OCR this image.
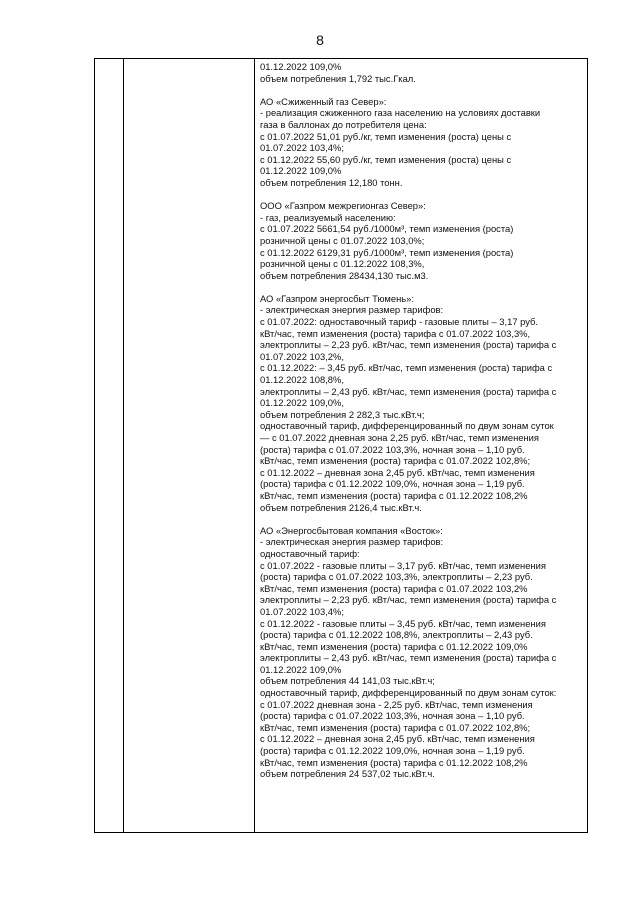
8

01.12.2022 109,0%

объем потребления 1,792 тыс.Гкал.

АО «Сжиженный газ Север»:

- реализация сжиженного газа населению на условиях доставки

газа в баллонах до потребителя цена:

с 01.07.2022 51,01 руб./кг, темп изменения (роста) цены с

01.07.2022 103,4%;

с 01.12.2022 55,60 руб./кг, темп изменения (роста) цены с

01.12.2022 109,0%

объем потребления 12,180 тонн.

ООО «Газпром межрегионгаз Север»:

- газ, реализуемый населению:

с 01.07.2022 5661,54 руб./1000м³, темп изменения (роста)

розничной цены с 01.07.2022 103,0%;

с 01.12.2022 6129,31 руб./1000м³, темп изменения (роста)

розничной цены с 01.12.2022 108,3%,

объем потребления 28434,130 тыс.м3.

АО «Газпром энергосбыт Тюмень»:

- электрическая энергия размер тарифов:

с 01.07.2022: одноставочный тариф - газовые плиты – 3,17 руб.

кВт/час, темп изменения (роста) тарифа с 01.07.2022 103,3%,

электроплиты – 2,23 руб. кВт/час, темп изменения (роста) тарифа с

01.07.2022 103,2%,

с 01.12.2022: – 3,45 руб. кВт/час, темп изменения (роста) тарифа с

01.12.2022 108,8%,

электроплиты – 2,43 руб. кВт/час, темп изменения (роста) тарифа с

01.12.2022 109,0%,

объем потребления 2 282,3 тыс.кВт.ч;

одноставочный тариф, дифференцированный по двум зонам суток

— с 01.07.2022 дневная зона 2,25 руб. кВт/час, темп изменения

(роста) тарифа с 01.07.2022 103,3%, ночная зона – 1,10 руб.

кВт/час, темп изменения (роста) тарифа с 01.07.2022 102,8%;

с 01.12.2022 – дневная зона 2,45 руб. кВт/час, темп изменения

(роста) тарифа с 01.12.2022 109,0%, ночная зона – 1,19 руб.

кВт/час, темп изменения (роста) тарифа с 01.12.2022 108,2%

объем потребления 2126,4 тыс.кВт.ч.

АО «Энергосбытовая компания «Восток»:

- электрическая энергия размер тарифов:

одноставочный тариф:

с 01.07.2022 - газовые плиты – 3,17 руб. кВт/час, темп изменения

(роста) тарифа с 01.07.2022 103,3%, электроплиты – 2,23 руб.

кВт/час, темп изменения (роста) тарифа с 01.07.2022 103,2%

электроплиты – 2,23 руб. кВт/час, темп изменения (роста) тарифа с

01.07.2022 103,4%;

с 01.12.2022 - газовые плиты – 3,45 руб. кВт/час, темп изменения

(роста) тарифа с 01.12.2022 108,8%, электроплиты – 2,43 руб.

кВт/час, темп изменения (роста) тарифа с 01.12.2022 109,0%

электроплиты – 2,43 руб. кВт/час, темп изменения (роста) тарифа с

01.12.2022 109,0%

объем потребления 44 141,03 тыс.кВт.ч;

одноставочный тариф, дифференцированный по двум зонам суток:

с 01.07.2022 дневная зона - 2,25 руб. кВт/час, темп изменения

(роста) тарифа с 01.07.2022 103,3%, ночная зона – 1,10 руб.

кВт/час, темп изменения (роста) тарифа с 01.07.2022 102,8%;

с 01.12.2022 – дневная зона 2,45 руб. кВт/час, темп изменения

(роста) тарифа с 01.12.2022 109,0%, ночная зона – 1,19 руб.

кВт/час, темп изменения (роста) тарифа с 01.12.2022 108,2%

объем потребления 24 537,02 тыс.кВт.ч.
